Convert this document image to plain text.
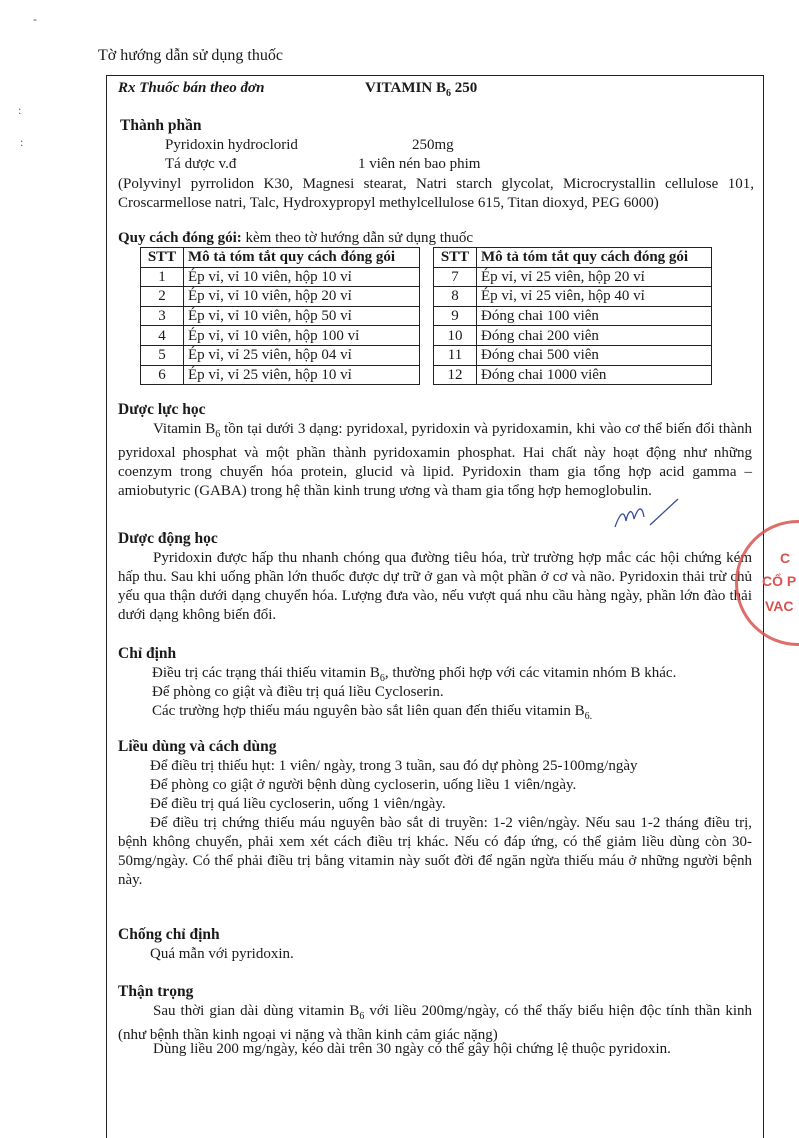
-
:
:
Tờ hướng dẫn sử dụng thuốc
Rx Thuốc bán theo đơn	VITAMIN $B_6$ 250
Thành phần
Pyridoxin hydroclorid	250mg
Tá dược v.đ	1 viên nén bao phim
(Polyvinyl pyrrolidon K30, Magnesi stearat, Natri starch glycolat, Microcrystallin cellulose 101, Croscarmellose natri, Talc, Hydroxypropyl methylcellulose 615, Titan dioxyd, PEG 6000)
Quy cách đóng gói: kèm theo tờ hướng dẫn sử dụng thuốc
STT	Mô tả tóm tắt quy cách đóng gói
1	Ép vỉ, vỉ 10 viên, hộp 10 vỉ
2	Ép vỉ, vỉ 10 viên, hộp 20 vỉ
3	Ép vỉ, vỉ 10 viên, hộp 50 vỉ
4	Ép vỉ, vỉ 10 viên, hộp 100 vỉ
5	Ép vỉ, vỉ 25 viên, hộp 04 vỉ
6	Ép vỉ, vỉ 25 viên, hộp 10 vỉ
STT	Mô tả tóm tắt quy cách đóng gói
7	Ép vỉ, vỉ 25 viên, hộp 20 vỉ
8	Ép vỉ, vỉ 25 viên, hộp 40 vỉ
9	Đóng chai 100 viên
10	Đóng chai 200 viên
11	Đóng chai 500 viên
12	Đóng chai 1000 viên
Dược lực học
Vitamin $B_6$ tồn tại dưới 3 dạng: pyridoxal, pyridoxin và pyridoxamin, khi vào cơ thể biến đổi thành pyridoxal phosphat và một phần thành pyridoxamin phosphat. Hai chất này hoạt động như những coenzym trong chuyển hóa protein, glucid và lipid. Pyridoxin tham gia tổng hợp acid gamma –amiobutyric (GABA) trong hệ thần kinh trung ương và tham gia tổng hợp hemoglobulin.
Dược động học
Pyridoxin được hấp thu nhanh chóng qua đường tiêu hóa, trừ trường hợp mắc các hội chứng kém hấp thu. Sau khi uống phần lớn thuốc được dự trữ ở gan và một phần ở cơ và não. Pyridoxin thải trừ chủ yếu qua thận dưới dạng chuyển hóa. Lượng đưa vào, nếu vượt quá nhu cầu hàng ngày, phần lớn đào thải dưới dạng không biến đổi.
Chỉ định
Điều trị các trạng thái thiếu vitamin $B_6$, thường phối hợp với các vitamin nhóm B khác.
Để phòng co giật và điều trị quá liều Cycloserin.
Các trường hợp thiếu máu nguyên bào sắt liên quan đến thiếu vitamin $B_{6.}$
Liều dùng và cách dùng
Để điều trị thiếu hụt: 1 viên/ ngày, trong 3 tuần, sau đó dự phòng 25-100mg/ngày
Để phòng co giật ở người bệnh dùng cycloserin, uống liều 1 viên/ngày.
Để điều trị quá liều cycloserin, uống 1 viên/ngày.
Để điều trị chứng thiếu máu nguyên bào sắt di truyền: 1-2 viên/ngày. Nếu sau 1-2 tháng điều trị, bệnh không chuyển, phải xem xét cách điều trị khác. Nếu có đáp ứng, có thể giảm liều dùng còn 30-50mg/ngày. Có thể phải điều trị bằng vitamin này suốt đời để ngăn ngừa thiếu máu ở những người bệnh này.
Chống chỉ định
Quá mẫn với pyridoxin.
Thận trọng
Sau thời gian dài dùng vitamin $B_6$ với liều 200mg/ngày, có thể thấy biểu hiện độc tính thần kinh (như bệnh thần kinh ngoại vi nặng và thần kinh cảm giác nặng)
Dùng liều 200 mg/ngày, kéo dài trên 30 ngày có thể gây hội chứng lệ thuộc pyridoxin.
C
CỔ P
VAC
